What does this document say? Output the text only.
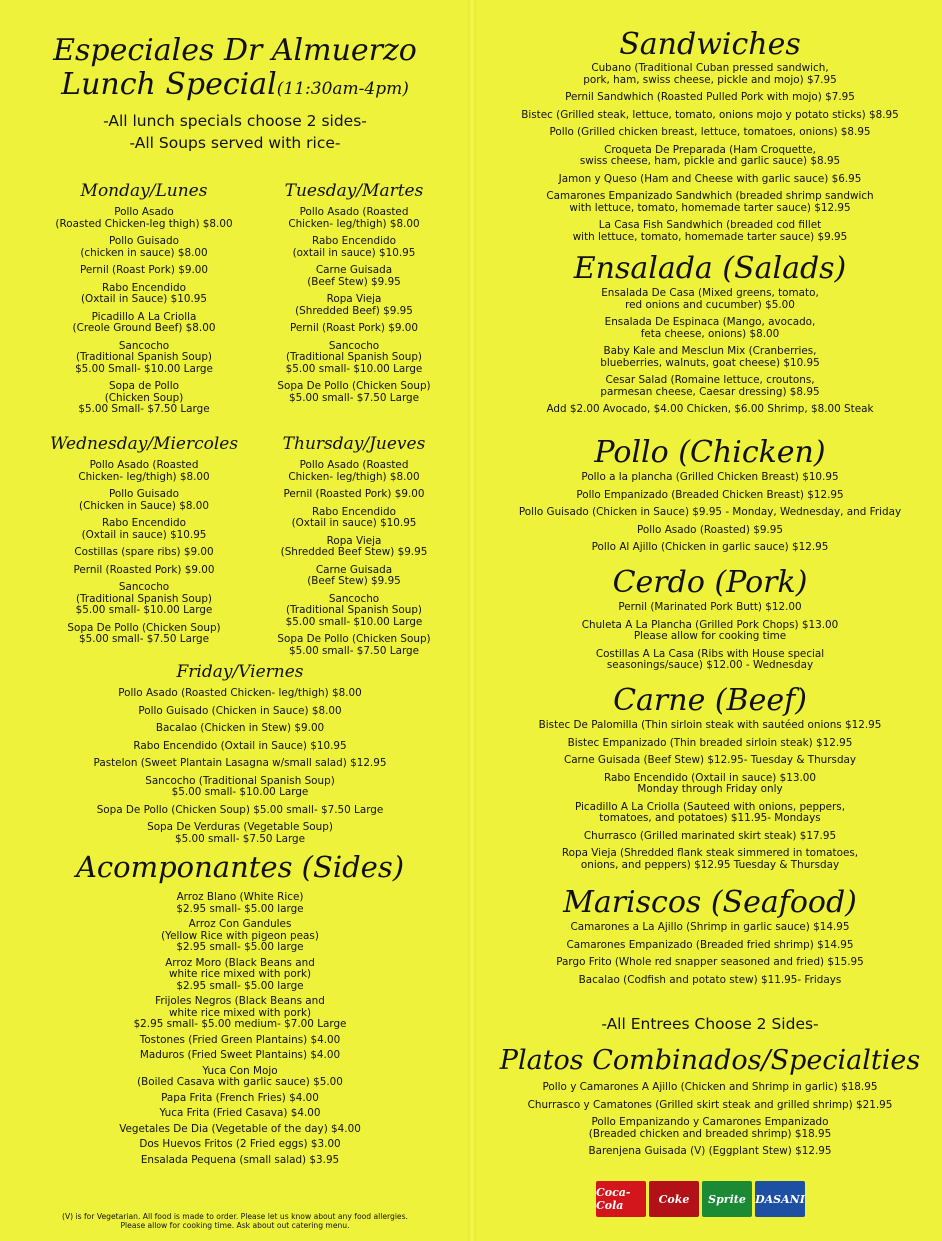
Especiales Dr Almuerzo
Lunch Special(11:30am-4pm)
-All lunch specials choose 2 sides-
-All Soups served with rice-
Monday/Lunes
Pollo Asado
(Roasted Chicken-leg thigh) $8.00
Pollo Guisado
(chicken in sauce) $8.00
Pernil (Roast Pork) $9.00
Rabo Encendido
(Oxtail in Sauce) $10.95
Picadillo A La Criolla
(Creole Ground Beef) $8.00
Sancocho
(Traditional Spanish Soup)
$5.00 Small- $10.00 Large
Sopa de Pollo
(Chicken Soup)
$5.00 Small- $7.50 Large
Tuesday/Martes
Pollo Asado (Roasted
Chicken- leg/thigh) $8.00
Rabo Encendido
(oxtail in sauce) $10.95
Carne Guisada
(Beef Stew) $9.95
Ropa Vieja
(Shredded Beef) $9.95
Pernil (Roast Pork) $9.00
Sancocho
(Traditional Spanish Soup)
$5.00 small- $10.00 Large
Sopa De Pollo (Chicken Soup)
$5.00 small- $7.50 Large
Wednesday/Miercoles
Pollo Asado (Roasted
Chicken- leg/thigh) $8.00
Pollo Guisado
(Chicken in Sauce) $8.00
Rabo Encendido
(Oxtail in sauce) $10.95
Costillas (spare ribs) $9.00
Pernil (Roasted Pork) $9.00
Sancocho
(Traditional Spanish Soup)
$5.00 small- $10.00 Large
Sopa De Pollo (Chicken Soup)
$5.00 small- $7.50 Large
Thursday/Jueves
Pollo Asado (Roasted
Chicken- leg/thigh) $8.00
Pernil (Roasted Pork) $9.00
Rabo Encendido
(Oxtail in sauce) $10.95
Ropa Vieja
(Shredded Beef Stew) $9.95
Carne Guisada
(Beef Stew) $9.95
Sancocho
(Traditional Spanish Soup)
$5.00 small- $10.00 Large
Sopa De Pollo (Chicken Soup)
$5.00 small- $7.50 Large
Friday/Viernes
Pollo Asado (Roasted Chicken- leg/thigh) $8.00
Pollo Guisado (Chicken in Sauce) $8.00
Bacalao (Chicken in Stew) $9.00
Rabo Encendido (Oxtail in Sauce) $10.95
Pastelon (Sweet Plantain Lasagna w/small salad) $12.95
Sancocho (Traditional Spanish Soup)
$5.00 small- $10.00 Large
Sopa De Pollo (Chicken Soup) $5.00 small- $7.50 Large
Sopa De Verduras (Vegetable Soup)
$5.00 small- $7.50 Large
Acomponantes (Sides)
Arroz Blano (White Rice)
$2.95 small- $5.00 large
Arroz Con Gandules
(Yellow Rice with pigeon peas)
$2.95 small- $5.00 large
Arroz Moro (Black Beans and
white rice mixed with pork)
$2.95 small- $5.00 large
Frijoles Negros (Black Beans and
white rice mixed with pork)
$2.95 small- $5.00 medium- $7.00 Large
Tostones (Fried Green Plantains) $4.00
Maduros (Fried Sweet Plantains) $4.00
Yuca Con Mojo
(Boiled Casava with garlic sauce) $5.00
Papa Frita (French Fries) $4.00
Yuca Frita (Fried Casava) $4.00
Vegetales De Dia (Vegetable of the day) $4.00
Dos Huevos Fritos (2 Fried eggs) $3.00
Ensalada Pequena (small salad) $3.95
(V) is for Vegetarian. All food is made to order. Please let us know about any food allergies.
Please allow for cooking time. Ask about out catering menu.
Sandwiches
Cubano (Traditional Cuban pressed sandwich,
pork, ham, swiss cheese, pickle and mojo) $7.95
Pernil Sandwhich (Roasted Pulled Pork with mojo) $7.95
Bistec (Grilled steak, lettuce, tomato, onions mojo y potato sticks) $8.95
Pollo (Grilled chicken breast, lettuce, tomatoes, onions) $8.95
Croqueta De Preparada (Ham Croquette,
swiss cheese, ham, pickle and garlic sauce) $8.95
Jamon y Queso (Ham and Cheese with garlic sauce) $6.95
Camarones Empanizado Sandwhich (breaded shrimp sandwich
with lettuce, tomato, homemade tarter sauce) $12.95
La Casa Fish Sandwhich (breaded cod fillet
with lettuce, tomato, homemade tarter sauce) $9.95
Ensalada (Salads)
Ensalada De Casa (Mixed greens, tomato,
red onions and cucumber) $5.00
Ensalada De Espinaca (Mango, avocado,
feta cheese, onions) $8.00
Baby Kale and Mesclun Mix (Cranberries,
blueberries, walnuts, goat cheese) $10.95
Cesar Salad (Romaine lettuce, croutons,
parmesan cheese, Caesar dressing) $8.95
Add $2.00 Avocado, $4.00 Chicken, $6.00 Shrimp, $8.00 Steak
Pollo (Chicken)
Pollo a la plancha (Grilled Chicken Breast) $10.95
Pollo Empanizado (Breaded Chicken Breast) $12.95
Pollo Guisado (Chicken in Sauce) $9.95 - Monday, Wednesday, and Friday
Pollo Asado (Roasted) $9.95
Pollo Al Ajillo (Chicken in garlic sauce) $12.95
Cerdo (Pork)
Pernil (Marinated Pork Butt) $12.00
Chuleta A La Plancha (Grilled Pork Chops) $13.00
Please allow for cooking time
Costillas A La Casa (Ribs with House special
seasonings/sauce) $12.00 - Wednesday
Carne (Beef)
Bistec De Palomilla (Thin sirloin steak with sautéed onions $12.95
Bistec Empanizado (Thin breaded sirloin steak) $12.95
Carne Guisada (Beef Stew) $12.95- Tuesday & Thursday
Rabo Encendido (Oxtail in sauce) $13.00
Monday through Friday only
Picadillo A La Criolla (Sauteed with onions, peppers,
tomatoes, and potatoes) $11.95- Mondays
Churrasco (Grilled marinated skirt steak) $17.95
Ropa Vieja (Shredded flank steak simmered in tomatoes,
onions, and peppers) $12.95 Tuesday & Thursday
Mariscos (Seafood)
Camarones a La Ajillo (Shrimp in garlic sauce) $14.95
Camarones Empanizado (Breaded fried shrimp) $14.95
Pargo Frito (Whole red snapper seasoned and fried) $15.95
Bacalao (Codfish and potato stew) $11.95- Fridays
-All Entrees Choose 2 Sides-
Platos Combinados/Specialties
Pollo y Camarones A Ajillo (Chicken and Shrimp in garlic) $18.95
Churrasco y Camatones (Grilled skirt steak and grilled shrimp) $21.95
Pollo Empanizando y Camarones Empanizado
(Breaded chicken and breaded shrimp) $18.95
Barenjena Guisada (V) (Eggplant Stew) $12.95
Coca-Cola	Coke	Sprite DASANI
